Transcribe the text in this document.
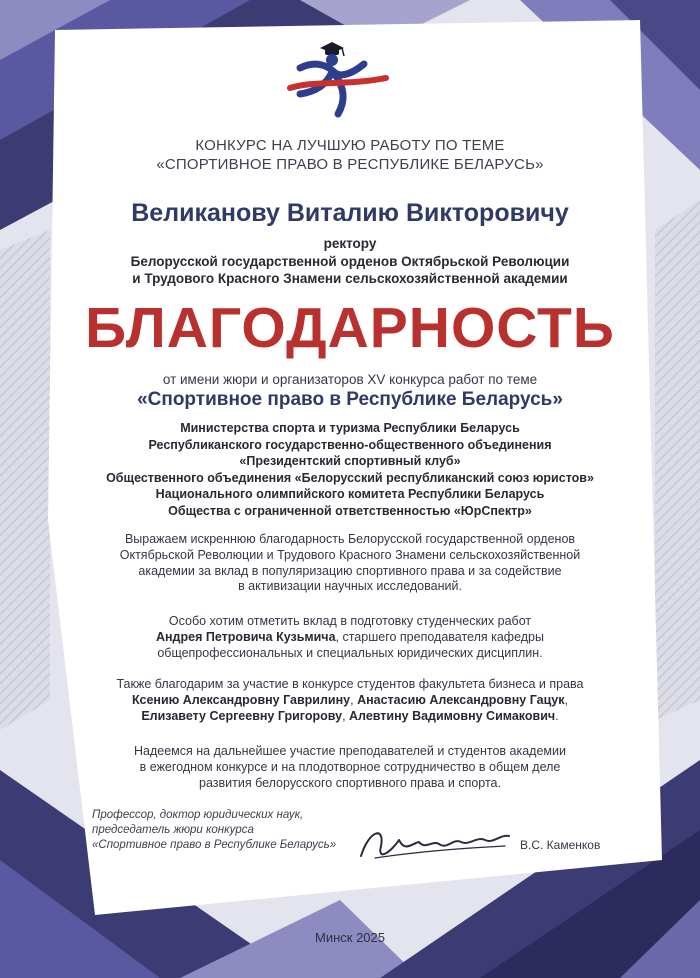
КОНКУРС НА ЛУЧШУЮ РАБОТУ ПО ТЕМЕ
«СПОРТИВНОЕ ПРАВО В РЕСПУБЛИКЕ БЕЛАРУСЬ»

Великанову Виталию Викторовичу

ректору

Белорусской государственной орденов Октябрьской Революции
и Трудового Красного Знамени сельскохозяйственной академии

БЛАГОДАРНОСТЬ

от имени жюри и организаторов XV конкурса работ по теме

«Спортивное право в Республике Беларусь»

Министерства спорта и туризма Республики Беларусь
Республиканского государственно-общественного объединения
«Президентский спортивный клуб»
Общественного объединения «Белорусский республиканский союз юристов»
Национального олимпийского комитета Республики Беларусь
Общества с ограниченной ответственностью «ЮрСпектр»

Выражаем искреннюю благодарность Белорусской государственной орденов
Октябрьской Революции и Трудового Красного Знамени сельскохозяйственной
академии за вклад в популяризацию спортивного права и за содействие
в активизации научных исследований.

Особо хотим отметить вклад в подготовку студенческих работ
Андрея Петровича Кузьмича, старшего преподавателя кафедры
общепрофессиональных и специальных юридических дисциплин.

Также благодарим за участие в конкурсе студентов факультета бизнеса и права
Ксению Александровну Гаврилину, Анастасию Александровну Гацук,
Елизавету Сергеевну Григорову, Алевтину Вадимовну Симакович.

Надеемся на дальнейшее участие преподавателей и студентов академии
в ежегодном конкурсе и на плодотворное сотрудничество в общем деле
развития белорусского спортивного права и спорта.

Профессор, доктор юридических наук,
председатель жюри конкурса
«Спортивное право в Республике Беларусь»	В.С. Каменков

Минск 2025
